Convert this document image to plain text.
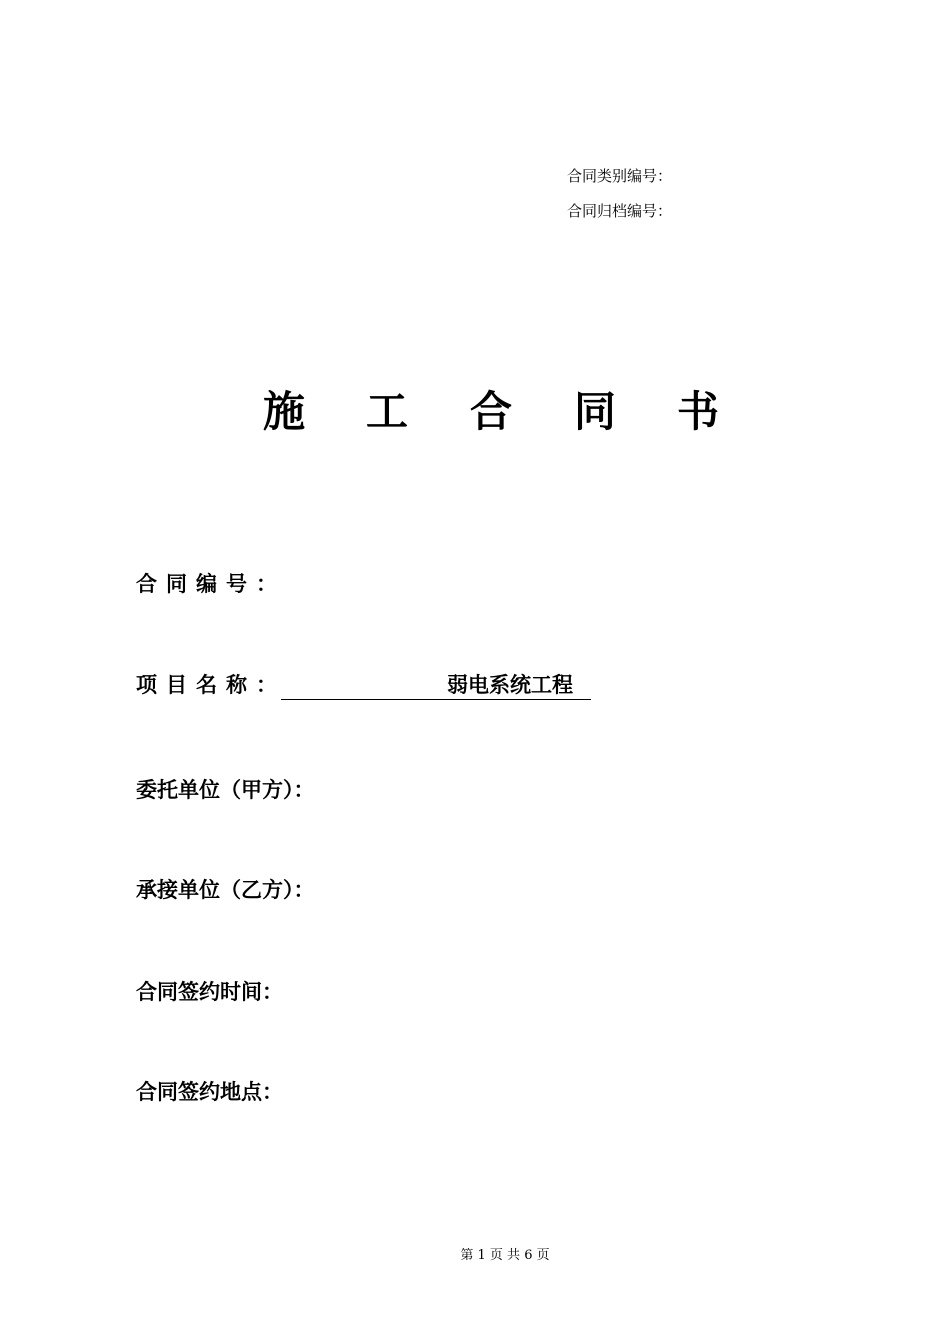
合同类别编号：
合同归档编号：
施 工 合 同 书
合同编号：
项目名称：	弱电系统工程
委托单位（甲方）：
承接单位（乙方）：
合同签约时间：
合同签约地点：
第 1 页 共 6 页
